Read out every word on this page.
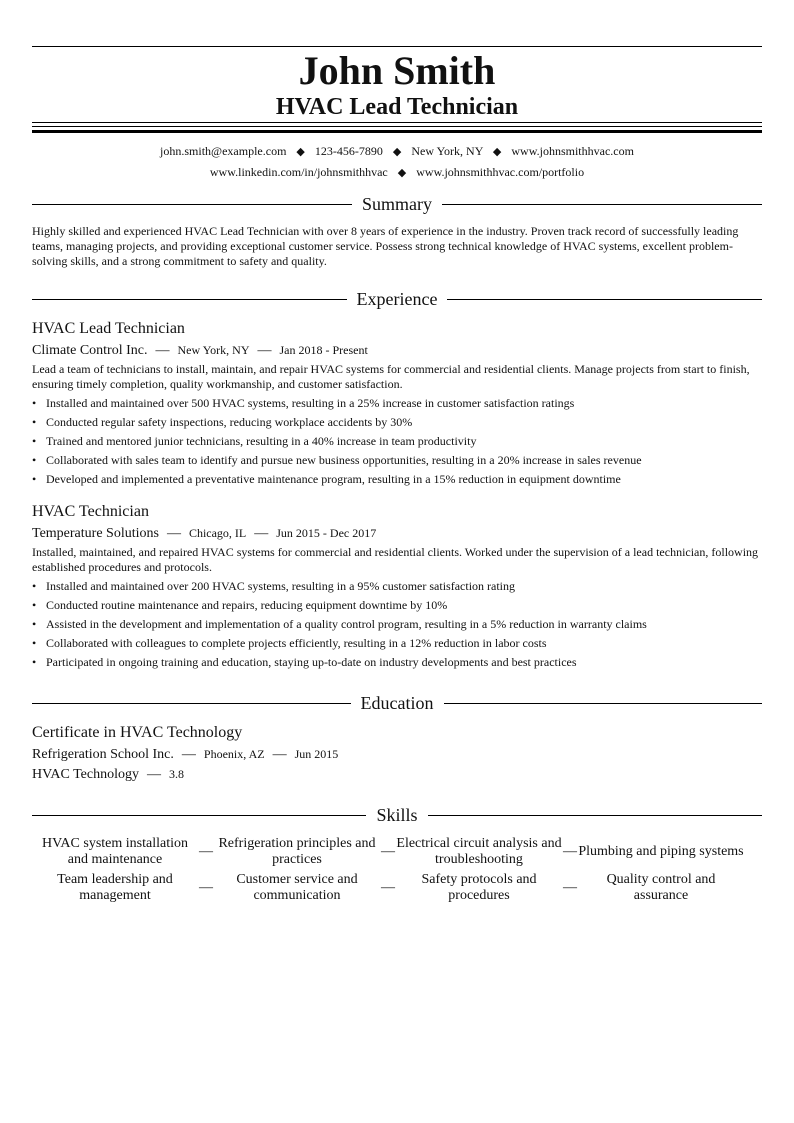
John Smith
HVAC Lead Technician
john.smith@example.com ◆ 123-456-7890 ◆ New York, NY ◆ www.johnsmithhvac.com
www.linkedin.com/in/johnsmithhvac ◆ www.johnsmithhvac.com/portfolio
Summary
Highly skilled and experienced HVAC Lead Technician with over 8 years of experience in the industry. Proven track record of successfully leading teams, managing projects, and providing exceptional customer service. Possess strong technical knowledge of HVAC systems, excellent problem-solving skills, and a strong commitment to safety and quality.
Experience
HVAC Lead Technician
Climate Control Inc. — New York, NY — Jan 2018 - Present
Lead a team of technicians to install, maintain, and repair HVAC systems for commercial and residential clients. Manage projects from start to finish, ensuring timely completion, quality workmanship, and customer satisfaction.
• Installed and maintained over 500 HVAC systems, resulting in a 25% increase in customer satisfaction ratings
• Conducted regular safety inspections, reducing workplace accidents by 30%
• Trained and mentored junior technicians, resulting in a 40% increase in team productivity
• Collaborated with sales team to identify and pursue new business opportunities, resulting in a 20% increase in sales revenue
• Developed and implemented a preventative maintenance program, resulting in a 15% reduction in equipment downtime
HVAC Technician
Temperature Solutions — Chicago, IL — Jun 2015 - Dec 2017
Installed, maintained, and repaired HVAC systems for commercial and residential clients. Worked under the supervision of a lead technician, following established procedures and protocols.
• Installed and maintained over 200 HVAC systems, resulting in a 95% customer satisfaction rating
• Conducted routine maintenance and repairs, reducing equipment downtime by 10%
• Assisted in the development and implementation of a quality control program, resulting in a 5% reduction in warranty claims
• Collaborated with colleagues to complete projects efficiently, resulting in a 12% reduction in labor costs
• Participated in ongoing training and education, staying up-to-date on industry developments and best practices
Education
Certificate in HVAC Technology
Refrigeration School Inc. — Phoenix, AZ — Jun 2015
HVAC Technology — 3.8
Skills
HVAC system installation and maintenance
—
Refrigeration principles and practices
—
Electrical circuit analysis and troubleshooting
— Plumbing and piping systems
Team leadership and management
—
Customer service and communication
—
Safety protocols and procedures
—
Quality control and assurance
